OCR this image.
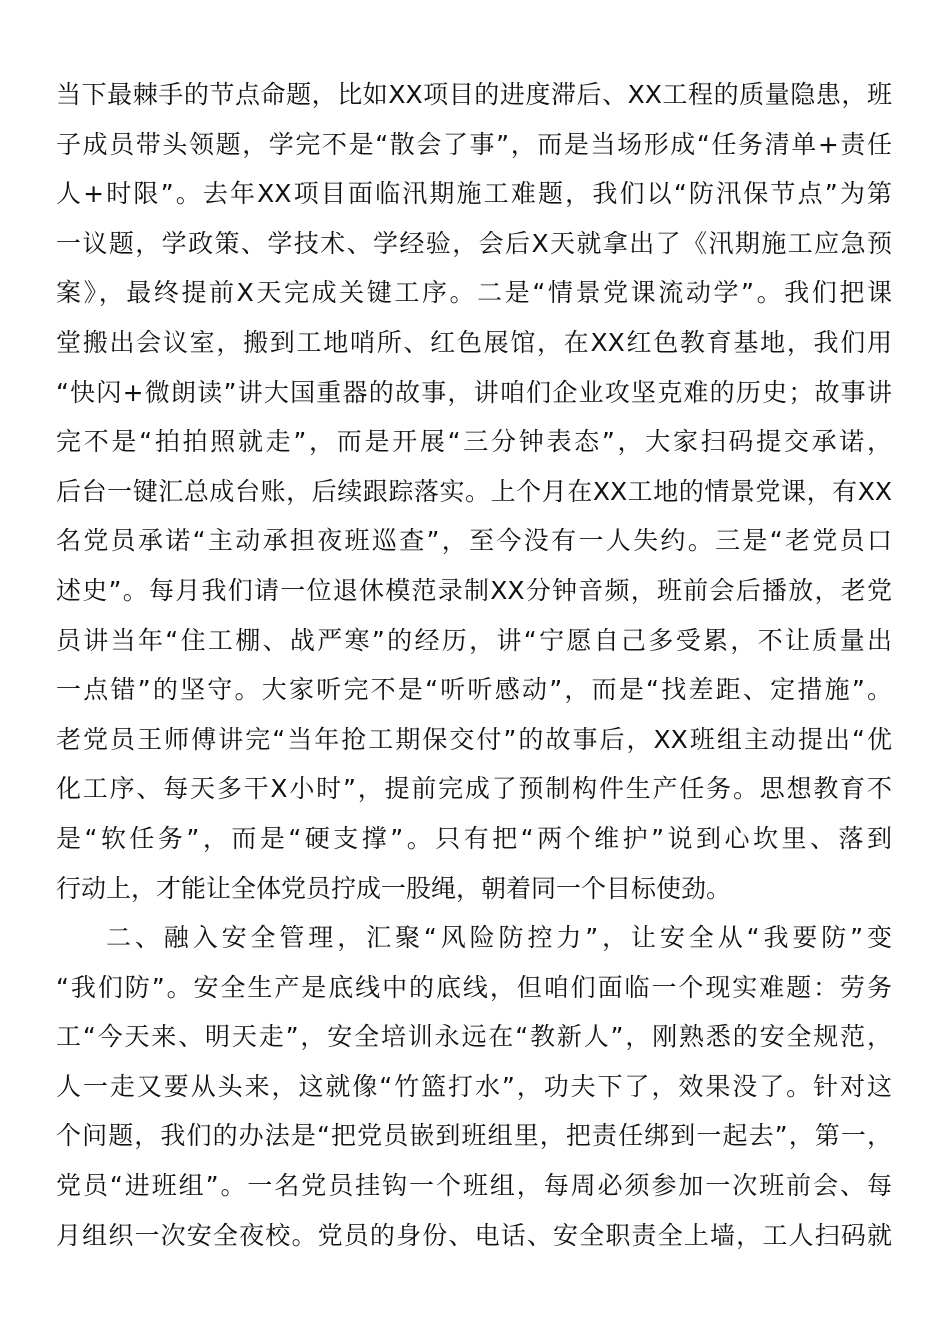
当下最棘手的节点命题，比如XX项目的进度滞后、XX工程的质量隐患，班
子成员带头领题，学完不是“散会了事”，而是当场形成“任务清单+责任
人+时限”。去年XX项目面临汛期施工难题，我们以“防汛保节点”为第
一议题，学政策、学技术、学经验，会后X天就拿出了《汛期施工应急预
案》，最终提前X天完成关键工序。二是“情景党课流动学”。我们把课
堂搬出会议室，搬到工地哨所、红色展馆，在XX红色教育基地，我们用
“快闪+微朗读”讲大国重器的故事，讲咱们企业攻坚克难的历史；故事讲
完不是“拍拍照就走”，而是开展“三分钟表态”，大家扫码提交承诺，
后台一键汇总成台账，后续跟踪落实。上个月在XX工地的情景党课，有XX
名党员承诺“主动承担夜班巡查”，至今没有一人失约。三是“老党员口
述史”。每月我们请一位退休模范录制XX分钟音频，班前会后播放，老党
员讲当年“住工棚、战严寒”的经历，讲“宁愿自己多受累，不让质量出
一点错”的坚守。大家听完不是“听听感动”，而是“找差距、定措施”。
老党员王师傅讲完“当年抢工期保交付”的故事后，XX班组主动提出“优
化工序、每天多干X小时”，提前完成了预制构件生产任务。思想教育不
是“软任务”，而是“硬支撑”。只有把“两个维护”说到心坎里、落到
行动上，才能让全体党员拧成一股绳，朝着同一个目标使劲。
二、融入安全管理，汇聚“风险防控力”，让安全从“我要防”变
“我们防”。安全生产是底线中的底线，但咱们面临一个现实难题：劳务
工“今天来、明天走”，安全培训永远在“教新人”，刚熟悉的安全规范，
人一走又要从头来，这就像“竹篮打水”，功夫下了，效果没了。针对这
个问题，我们的办法是“把党员嵌到班组里，把责任绑到一起去”，第一，
党员“进班组”。一名党员挂钩一个班组，每周必须参加一次班前会、每
月组织一次安全夜校。党员的身份、电话、安全职责全上墙，工人扫码就
